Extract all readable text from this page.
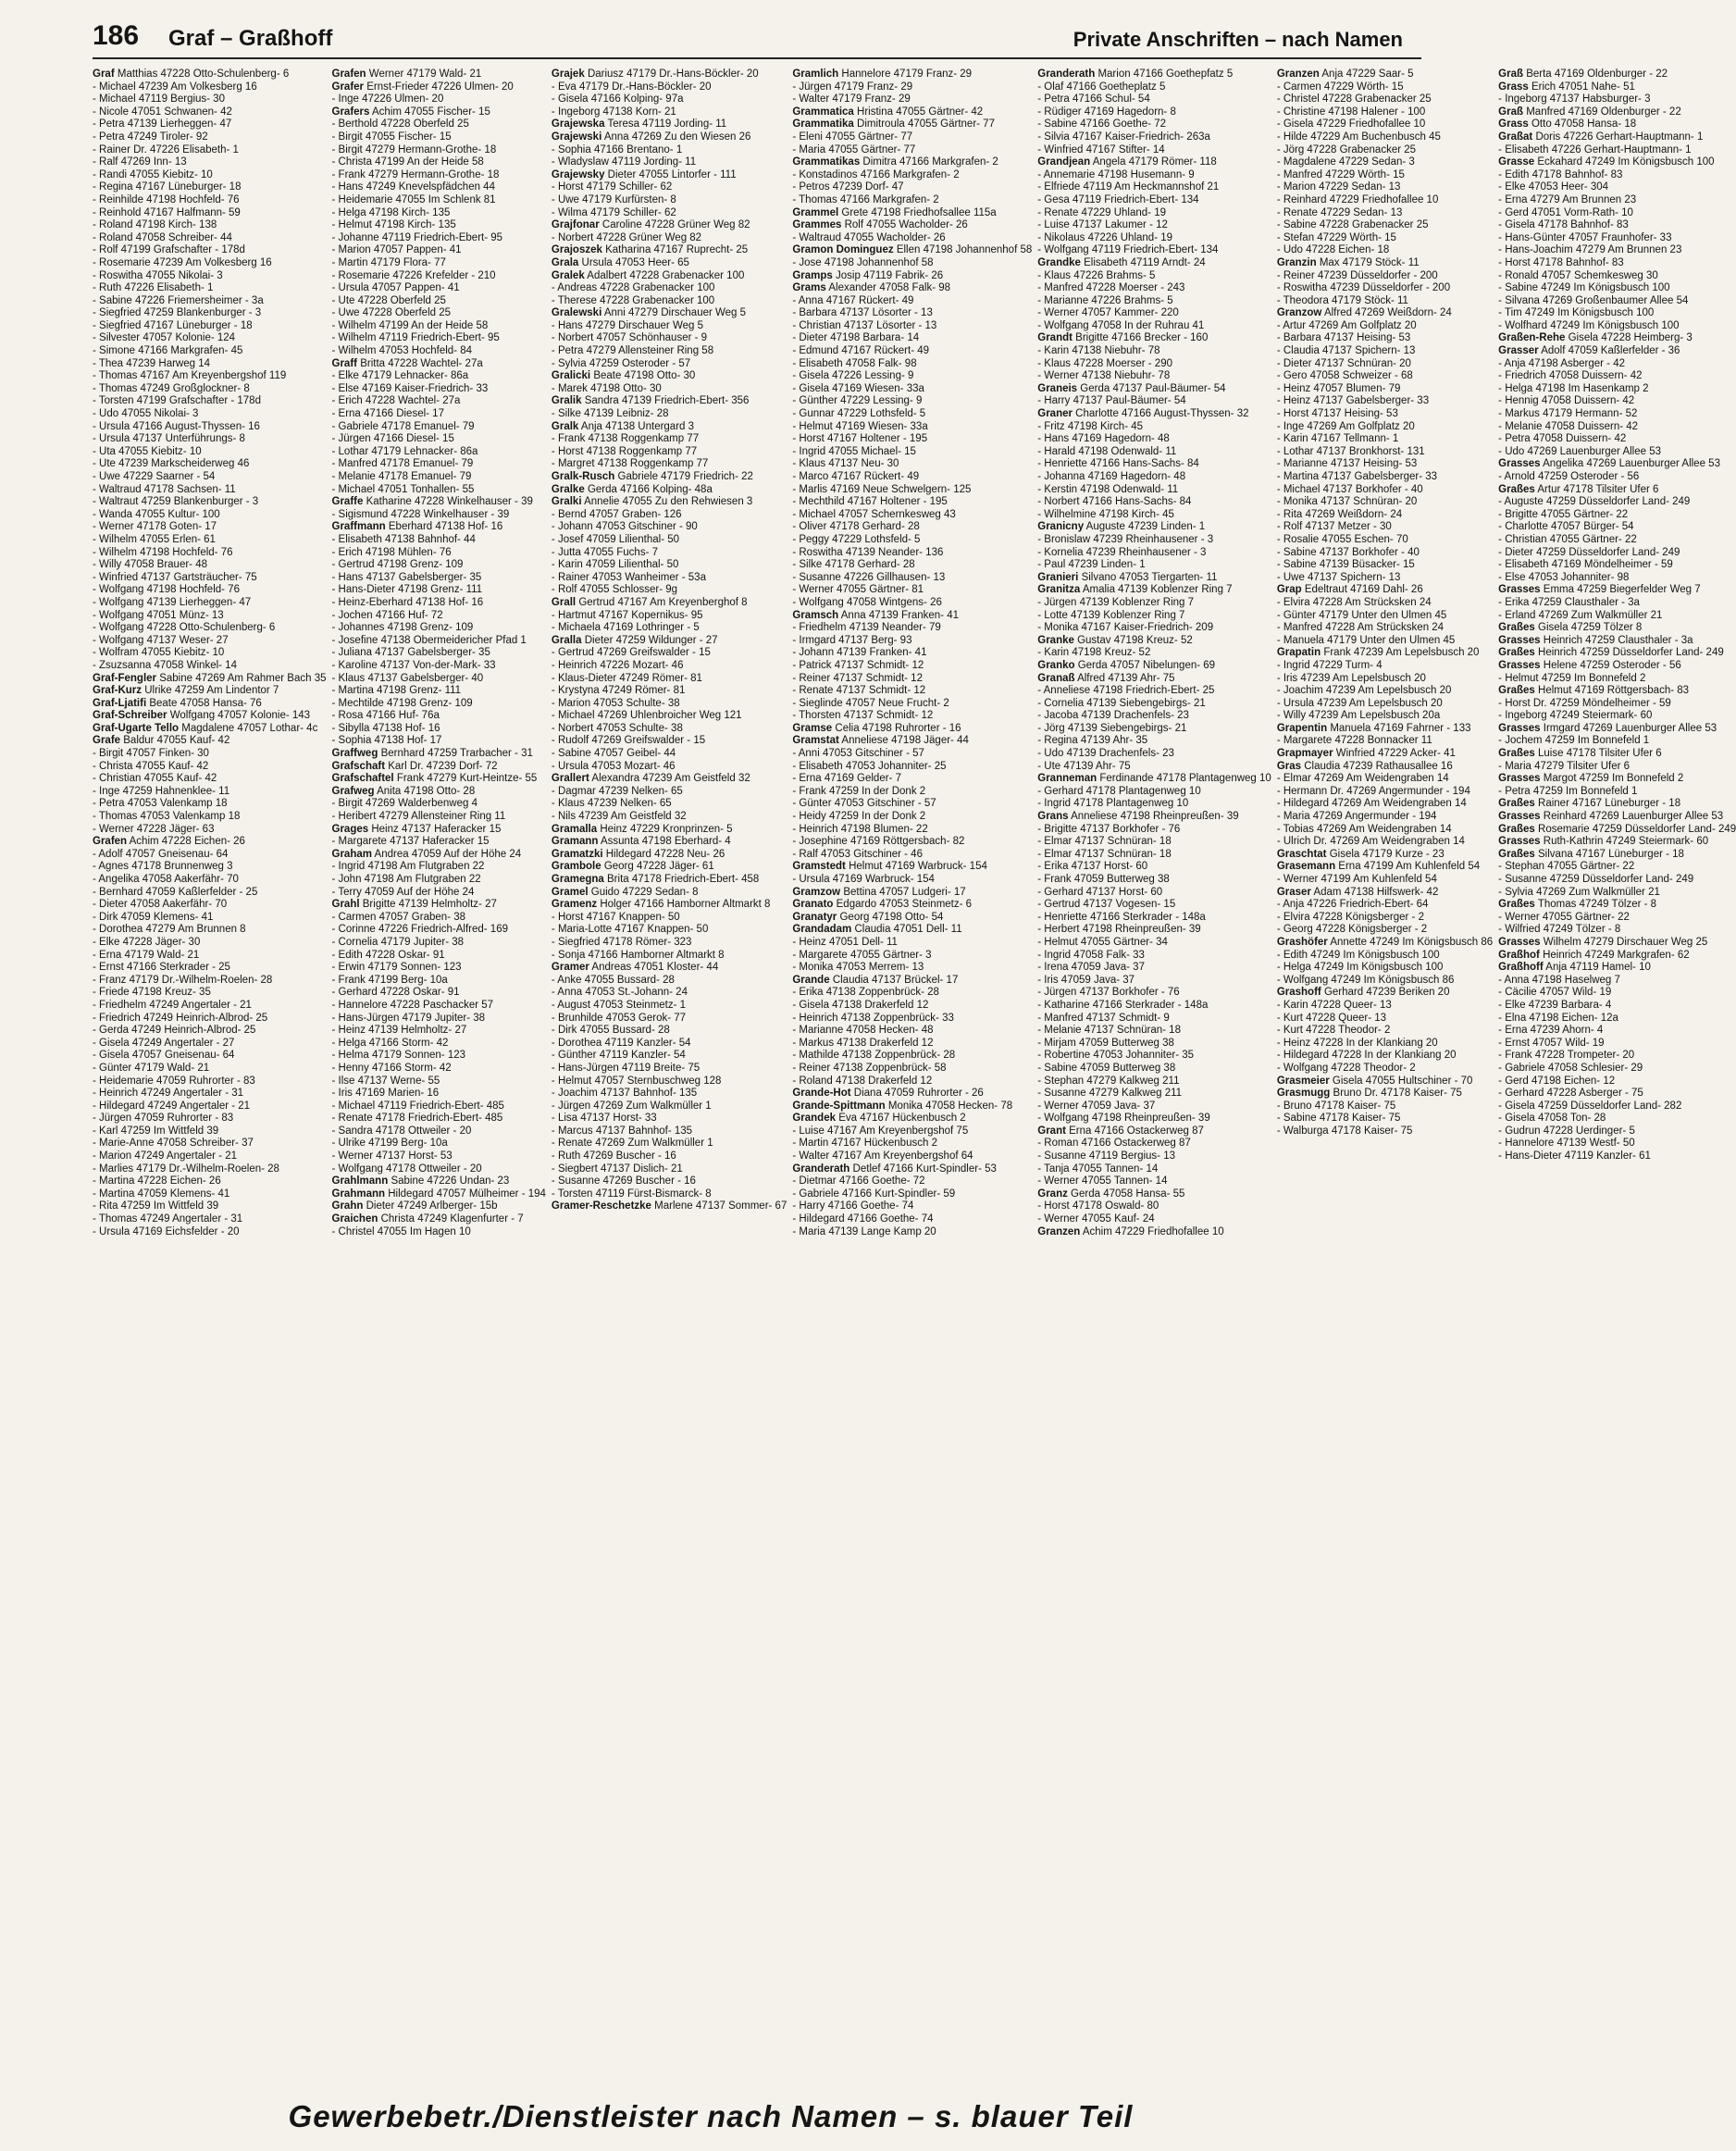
186 Graf – Graßhoff	Private Anschriften – nach Namen
Graf Matthias 47228 Otto-Schulenberg- 6
- Michael 47239 Am Volkesberg 16
- Michael 47119 Bergius- 30
- Nicole 47051 Schwanen- 42
- Petra 47139 Lierheggen- 47
- Petra 47249 Tiroler- 92
- Rainer Dr. 47226 Elisabeth- 1
- Ralf 47269 Inn- 13
- Randi 47055 Kiebitz- 10
- Regina 47167 Lüneburger- 18
- Reinhilde 47198 Hochfeld- 76
- Reinhold 47167 Halfmann- 59
- Roland 47198 Kirch- 138
- Roland 47058 Schreiber- 44
- Rolf 47199 Grafschafter - 178d
- Rosemarie 47239 Am Volkesberg 16
- Roswitha 47055 Nikolai- 3
- Ruth 47226 Elisabeth- 1
- Sabine 47226 Friemersheimer - 3a
- Siegfried 47259 Blankenburger - 3
- Siegfried 47167 Lüneburger - 18
- Silvester 47057 Kolonie- 124
- Simone 47166 Markgrafen- 45
- Thea 47239 Harweg 14
- Thomas 47167 Am Kreyenbergshof 119
- Thomas 47249 Großglockner- 8
- Torsten 47199 Grafschafter - 178d
- Udo 47055 Nikolai- 3
- Ursula 47166 August-Thyssen- 16
- Ursula 47137 Unterführungs- 8
- Uta 47055 Kiebitz- 10
- Ute 47239 Markscheiderweg 46
- Uwe 47229 Saarner - 54
- Waltraud 47178 Sachsen- 11
- Waltraut 47259 Blankenburger - 3
- Wanda 47055 Kultur- 100
- Werner 47178 Goten- 17
- Wilhelm 47055 Erlen- 61
- Wilhelm 47198 Hochfeld- 76
- Willy 47058 Brauer- 48
- Winfried 47137 Gartsträucher- 75
- Wolfgang 47198 Hochfeld- 76
- Wolfgang 47139 Lierheggen- 47
- Wolfgang 47051 Münz- 13
- Wolfgang 47228 Otto-Schulenberg- 6
- Wolfgang 47137 Weser- 27
- Wolfram 47055 Kiebitz- 10
- Zsuzsanna 47058 Winkel- 14
Graf-Fengler Sabine 47269 Am Rahmer Bach 35
Graf-Kurz Ulrike 47259 Am Lindentor 7
Graf-Ljatifi Beate 47058 Hansa- 76
Graf-Schreiber Wolfgang 47057 Kolonie- 143
Graf-Ugarte Tello Magdalene 47057 Lothar- 4c
Grafe Baldur 47055 Kauf- 42
- Birgit 47057 Finken- 30
- Christa 47055 Kauf- 42
- Christian 47055 Kauf- 42
- Inge 47259 Hahnenklee- 11
- Petra 47053 Valenkamp 18
- Thomas 47053 Valenkamp 18
- Werner 47228 Jäger- 63
Grafen Achim 47228 Eichen- 26
- Adolf 47057 Gneisenau- 64
- Agnes 47178 Brunnenweg 3
- Angelika 47058 Aakerfähr- 70
- Bernhard 47059 Kaßlerfelder - 25
- Dieter 47058 Aakerfähr- 70
- Dirk 47059 Klemens- 41
- Dorothea 47279 Am Brunnen 8
- Elke 47228 Jäger- 30
- Erna 47179 Wald- 21
- Ernst 47166 Sterkrader - 25
- Franz 47179 Dr.-Wilhelm-Roelen- 28
- Friede 47198 Kreuz- 35
- Friedhelm 47249 Angertaler - 21
- Friedrich 47249 Heinrich-Albrod- 25
- Gerda 47249 Heinrich-Albrod- 25
- Gisela 47249 Angertaler - 27
- Gisela 47057 Gneisenau- 64
- Günter 47179 Wald- 21
- Heidemarie 47059 Ruhrorter - 83
- Heinrich 47249 Angertaler - 31
- Hildegard 47249 Angertaler - 21
- Jürgen 47059 Ruhrorter - 83
- Karl 47259 Im Wittfeld 39
- Marie-Anne 47058 Schreiber- 37
- Marion 47249 Angertaler - 21
- Marlies 47179 Dr.-Wilhelm-Roelen- 28
- Martina 47228 Eichen- 26
- Martina 47059 Klemens- 41
- Rita 47259 Im Wittfeld 39
- Thomas 47249 Angertaler - 31
- Ursula 47169 Eichsfelder - 20
Grafen Werner 47179 Wald- 21
Grafer Ernst-Frieder 47226 Ulmen- 20
- Inge 47226 Ulmen- 20
Grafers Achim 47055 Fischer- 15
- Berthold 47228 Oberfeld 25
- Birgit 47055 Fischer- 15
- Birgit 47279 Hermann-Grothe- 18
- Christa 47199 An der Heide 58
- Frank 47279 Hermann-Grothe- 18
- Hans 47249 Knevelspfädchen 44
- Heidemarie 47055 Im Schlenk 81
- Helga 47198 Kirch- 135
- Helmut 47198 Kirch- 135
- Johanne 47119 Friedrich-Ebert- 95
- Marion 47057 Pappen- 41
- Martin 47179 Flora- 77
- Rosemarie 47226 Krefelder - 210
- Ursula 47057 Pappen- 41
- Ute 47228 Oberfeld 25
- Uwe 47228 Oberfeld 25
- Wilhelm 47199 An der Heide 58
- Wilhelm 47119 Friedrich-Ebert- 95
- Wilhelm 47053 Hochfeld- 84
Graff Britta 47228 Wachtel- 27a
- Elke 47179 Lehnacker- 86a
- Else 47169 Kaiser-Friedrich- 33
- Erich 47228 Wachtel- 27a
- Erna 47166 Diesel- 17
- Gabriele 47178 Emanuel- 79
- Jürgen 47166 Diesel- 15
- Lothar 47179 Lehnacker- 86a
- Manfred 47178 Emanuel- 79
- Melanie 47178 Emanuel- 79
- Michael 47051 Tonhallen- 55
Graffe Katharine 47228 Winkelhauser - 39
- Sigismund 47228 Winkelhauser - 39
Graffmann Eberhard 47138 Hof- 16
- Elisabeth 47138 Bahnhof- 44
- Erich 47198 Mühlen- 76
- Gertrud 47198 Grenz- 109
- Hans 47137 Gabelsberger- 35
- Hans-Dieter 47198 Grenz- 111
- Heinz-Eberhard 47138 Hof- 16
- Jochen 47166 Huf- 72
- Johannes 47198 Grenz- 109
- Josefine 47138 Obermeidericher Pfad 1
- Juliana 47137 Gabelsberger- 35
- Karoline 47137 Von-der-Mark- 33
- Klaus 47137 Gabelsberger- 40
- Martina 47198 Grenz- 111
- Mechtilde 47198 Grenz- 109
- Rosa 47166 Huf- 76a
- Sibylla 47138 Hof- 16
- Sophia 47138 Hof- 17
Graffweg Bernhard 47259 Trarbacher - 31
Grafschaft Karl Dr. 47239 Dorf- 72
Grafschaftel Frank 47279 Kurt-Heintze- 55
Grafweg Anita 47198 Otto- 28
- Birgit 47269 Walderbenweg 4
- Heribert 47279 Allensteiner Ring 11
Grages Heinz 47137 Haferacker 15
- Margarete 47137 Haferacker 15
Graham Andrea 47059 Auf der Höhe 24
- Ingrid 47198 Am Flutgraben 22
- John 47198 Am Flutgraben 22
- Terry 47059 Auf der Höhe 24
Grahl Brigitte 47139 Helmholtz- 27
- Carmen 47057 Graben- 38
- Corinne 47226 Friedrich-Alfred- 169
- Cornelia 47179 Jupiter- 38
- Edith 47228 Oskar- 91
- Erwin 47179 Sonnen- 123
- Frank 47199 Berg- 10a
- Gerhard 47228 Oskar- 91
- Hannelore 47228 Paschacker 57
- Hans-Jürgen 47179 Jupiter- 38
- Heinz 47139 Helmholtz- 27
- Helga 47166 Storm- 42
- Helma 47179 Sonnen- 123
- Henny 47166 Storm- 42
- Ilse 47137 Werne- 55
- Iris 47169 Marien- 16
- Michael 47119 Friedrich-Ebert- 485
- Renate 47178 Friedrich-Ebert- 485
- Sandra 47178 Ottweiler - 20
- Ulrike 47199 Berg- 10a
- Werner 47137 Horst- 53
- Wolfgang 47178 Ottweiler - 20
Grahlmann Sabine 47226 Undan- 23
Grahmann Hildegard 47057 Mülheimer - 194
Grahn Dieter 47249 Arlberger- 15b
Graichen Christa 47249 Klagenfurter - 7
- Christel 47055 Im Hagen 10
Grajek Dariusz 47179 Dr.-Hans-Böckler- 20
- Eva 47179 Dr.-Hans-Böckler- 20
- Gisela 47166 Kolping- 97a
- Ingeborg 47138 Korn- 21
Grajewska Teresa 47119 Jording- 11
Grajewski Anna 47269 Zu den Wiesen 26
- Sophia 47166 Brentano- 1
- Wladyslaw 47119 Jording- 11
Grajewsky Dieter 47055 Lintorfer - 111
- Horst 47179 Schiller- 62
- Uwe 47179 Kurfürsten- 8
- Wilma 47179 Schiller- 62
Grajfonar Caroline 47228 Grüner Weg 82
- Norbert 47228 Grüner Weg 82
Grajoszek Katharina 47167 Ruprecht- 25
Grala Ursula 47053 Heer- 65
Gralek Adalbert 47228 Grabenacker 100
- Andreas 47228 Grabenacker 100
- Therese 47228 Grabenacker 100
Gralewski Anni 47279 Dirschauer Weg 5
- Hans 47279 Dirschauer Weg 5
- Norbert 47057 Schönhauser - 9
- Petra 47279 Allensteiner Ring 58
- Sylvia 47259 Osteroder - 57
Gralicki Beate 47198 Otto- 30
- Marek 47198 Otto- 30
Gralik Sandra 47139 Friedrich-Ebert- 356
- Silke 47139 Leibniz- 28
Gralk Anja 47138 Untergard 3
- Frank 47138 Roggenkamp 77
- Horst 47138 Roggenkamp 77
- Margret 47138 Roggenkamp 77
Gralk-Rusch Gabriele 47179 Friedrich- 22
Gralke Gerda 47166 Kolping- 48a
Gralki Annelie 47055 Zu den Rehwiesen 3
- Bernd 47057 Graben- 126
- Johann 47053 Gitschiner - 90
- Josef 47059 Lilienthal- 50
- Jutta 47055 Fuchs- 7
- Karin 47059 Lilienthal- 50
- Rainer 47053 Wanheimer - 53a
- Rolf 47055 Schlosser- 9g
Grall Gertrud 47167 Am Kreyenberghof 8
- Hartmut 47167 Kopernikus- 95
- Michaela 47169 Lothringer - 5
Gralla Dieter 47259 Wildunger - 27
- Gertrud 47269 Greifswalder - 15
- Heinrich 47226 Mozart- 46
- Klaus-Dieter 47249 Römer- 81
- Krystyna 47249 Römer- 81
- Marion 47053 Schulte- 38
- Michael 47269 Uhlenbroicher Weg 121
- Norbert 47053 Schulte- 38
- Rudolf 47269 Greifswalder - 15
- Sabine 47057 Geibel- 44
- Ursula 47053 Mozart- 46
Grallert Alexandra 47239 Am Geistfeld 32
- Dagmar 47239 Nelken- 65
- Klaus 47239 Nelken- 65
- Nils 47239 Am Geistfeld 32
Gramalla Heinz 47229 Kronprinzen- 5
Gramann Assunta 47198 Eberhard- 4
Gramatzki Hildegard 47228 Neu- 26
Grambole Georg 47228 Jäger- 61
Gramegna Brita 47178 Friedrich-Ebert- 458
Gramel Guido 47229 Sedan- 8
Gramenz Holger 47166 Hamborner Altmarkt 8
- Horst 47167 Knappen- 50
- Maria-Lotte 47167 Knappen- 50
- Siegfried 47178 Römer- 323
- Sonja 47166 Hamborner Altmarkt 8
Gramer Andreas 47051 Kloster- 44
- Anke 47055 Bussard- 28
- Anna 47053 St.-Johann- 24
- August 47053 Steinmetz- 1
- Brunhilde 47053 Gerok- 77
- Dirk 47055 Bussard- 28
- Dorothea 47119 Kanzler- 54
- Günther 47119 Kanzler- 54
- Hans-Jürgen 47119 Breite- 75
- Helmut 47057 Sternbuschweg 128
- Joachim 47137 Bahnhof- 135
- Jürgen 47269 Zum Walkmüller 1
- Lisa 47137 Horst- 33
- Marcus 47137 Bahnhof- 135
- Renate 47269 Zum Walkmüller 1
- Ruth 47269 Buscher - 16
- Siegbert 47137 Dislich- 21
- Susanne 47269 Buscher - 16
- Torsten 47119 Fürst-Bismarck- 8
Gramer-Reschetzke Marlene 47137 Sommer- 67
Gramlich Hannelore 47179 Franz- 29
- Jürgen 47179 Franz- 29
- Walter 47179 Franz- 29
Grammatica Hristina 47055 Gärtner- 42
Grammatika Dimitroula 47055 Gärtner- 77
- Eleni 47055 Gärtner- 77
- Maria 47055 Gärtner- 77
Grammatikas Dimitra 47166 Markgrafen- 2
- Konstadinos 47166 Markgrafen- 2
- Petros 47239 Dorf- 47
- Thomas 47166 Markgrafen- 2
Grammel Grete 47198 Friedhofsallee 115a
Grammes Rolf 47055 Wacholder- 26
- Waltraud 47055 Wacholder- 26
Gramon Dominguez Ellen 47198 Johannenhof 58
- Jose 47198 Johannenhof 58
Gramps Josip 47119 Fabrik- 26
Grams Alexander 47058 Falk- 98
- Anna 47167 Rückert- 49
- Barbara 47137 Lösorter - 13
- Christian 47137 Lösorter - 13
- Dieter 47198 Barbara- 14
- Edmund 47167 Rückert- 49
- Elisabeth 47058 Falk- 98
- Gisela 47226 Lessing- 9
- Gisela 47169 Wiesen- 33a
- Günther 47229 Lessing- 9
- Gunnar 47229 Lothsfeld- 5
- Helmut 47169 Wiesen- 33a
- Horst 47167 Holtener - 195
- Ingrid 47055 Michael- 15
- Klaus 47137 Neu- 30
- Marco 47167 Rückert- 49
- Marlis 47169 Neue Schwelgern- 125
- Mechthild 47167 Holtener - 195
- Michael 47057 Schernkesweg 43
- Oliver 47178 Gerhard- 28
- Peggy 47229 Lothsfeld- 5
- Roswitha 47139 Neander- 136
- Silke 47178 Gerhard- 28
- Susanne 47226 Gillhausen- 13
- Werner 47055 Gärtner- 81
- Wolfgang 47058 Wintgens- 26
Gramsch Anna 47139 Franken- 41
- Friedhelm 47139 Neander- 79
- Irmgard 47137 Berg- 93
- Johann 47139 Franken- 41
- Patrick 47137 Schmidt- 12
- Reiner 47137 Schmidt- 12
- Renate 47137 Schmidt- 12
- Sieglinde 47057 Neue Frucht- 2
- Thorsten 47137 Schmidt- 12
Gramse Celia 47198 Ruhrorter - 16
Gramstat Anneliese 47198 Jäger- 44
- Anni 47053 Gitschiner - 57
- Elisabeth 47053 Johanniter- 25
- Erna 47169 Gelder- 7
- Frank 47259 In der Donk 2
- Günter 47053 Gitschiner - 57
- Heidy 47259 In der Donk 2
- Heinrich 47198 Blumen- 22
- Josephine 47169 Röttgersbach- 82
- Ralf 47053 Gitschiner - 46
Gramstedt Helmut 47169 Warbruck- 154
- Ursula 47169 Warbruck- 154
Gramzow Bettina 47057 Ludgeri- 17
Granato Edgardo 47053 Steinmetz- 6
Granatyr Georg 47198 Otto- 54
Grandadam Claudia 47051 Dell- 11
- Heinz 47051 Dell- 11
- Margarete 47055 Gärtner- 3
- Monika 47053 Merrem- 13
Grande Claudia 47137 Brückel- 17
- Erika 47138 Zoppenbrück- 28
- Gisela 47138 Drakerfeld 12
- Heinrich 47138 Zoppenbrück- 33
- Marianne 47058 Hecken- 48
- Markus 47138 Drakerfeld 12
- Mathilde 47138 Zoppenbrück- 28
- Reiner 47138 Zoppenbrück- 58
- Roland 47138 Drakerfeld 12
Grande-Hot Diana 47059 Ruhrorter - 26
Grande-Spittmann Monika 47058 Hecken- 78
Grandek Eva 47167 Hückenbusch 2
- Luise 47167 Am Kreyenbergshof 75
- Martin 47167 Hückenbusch 2
- Walter 47167 Am Kreyenbergshof 64
Granderath Detlef 47166 Kurt-Spindler- 53
- Dietmar 47166 Goethe- 72
- Gabriele 47166 Kurt-Spindler- 59
- Harry 47166 Goethe- 74
- Hildegard 47166 Goethe- 74
- Maria 47139 Lange Kamp 20
Granderath Marion 47166 Goethepfatz 5
- Olaf 47166 Goetheplatz 5
- Petra 47166 Schul- 54
- Rüdiger 47169 Hagedorn- 8
- Sabine 47166 Goethe- 72
- Silvia 47167 Kaiser-Friedrich- 263a
- Winfried 47167 Stifter- 14
Grandjean Angela 47179 Römer- 118
- Annemarie 47198 Husemann- 9
- Elfriede 47119 Am Heckmannshof 21
- Gesa 47119 Friedrich-Ebert- 134
- Renate 47229 Uhland- 19
- Luise 47137 Lakumer - 12
- Nikolaus 47226 Uhland- 19
- Wolfgang 47119 Friedrich-Ebert- 134
Grandke Elisabeth 47119 Arndt- 24
- Klaus 47226 Brahms- 5
- Manfred 47228 Moerser - 243
- Marianne 47226 Brahms- 5
- Werner 47057 Kammer- 220
- Wolfgang 47058 In der Ruhrau 41
Grandt Brigitte 47166 Brecker - 160
- Karin 47138 Niebuhr- 78
- Klaus 47228 Moerser - 290
- Werner 47138 Niebuhr- 78
Graneis Gerda 47137 Paul-Bäumer- 54
- Harry 47137 Paul-Bäumer- 54
Graner Charlotte 47166 August-Thyssen- 32
- Fritz 47198 Kirch- 45
- Hans 47169 Hagedorn- 48
- Harald 47198 Odenwald- 11
- Henriette 47166 Hans-Sachs- 84
- Johanna 47169 Hagedorn- 48
- Kerstin 47198 Odenwald- 11
- Norbert 47166 Hans-Sachs- 84
- Wilhelmine 47198 Kirch- 45
Granicny Auguste 47239 Linden- 1
- Bronislaw 47239 Rheinhausener - 3
- Kornelia 47239 Rheinhausener - 3
- Paul 47239 Linden- 1
Granieri Silvano 47053 Tiergarten- 11
Granitza Amalia 47139 Koblenzer Ring 7
- Jürgen 47139 Koblenzer Ring 7
- Lotte 47139 Koblenzer Ring 7
- Monika 47167 Kaiser-Friedrich- 209
Granke Gustav 47198 Kreuz- 52
- Karin 47198 Kreuz- 52
Granko Gerda 47057 Nibelungen- 69
Granaß Alfred 47139 Ahr- 75
- Anneliese 47198 Friedrich-Ebert- 25
- Cornelia 47139 Siebengebirgs- 21
- Jacoba 47139 Drachenfels- 23
- Jörg 47139 Siebengebirgs- 21
- Regina 47139 Ahr- 35
- Udo 47139 Drachenfels- 23
- Ute 47139 Ahr- 75
Granneman Ferdinande 47178 Plantagenweg 10
- Gerhard 47178 Plantagenweg 10
- Ingrid 47178 Plantagenweg 10
Grans Anneliese 47198 Rheinpreußen- 39
- Brigitte 47137 Borkhofer - 76
- Elmar 47137 Schnüran- 18
- Elmar 47137 Schnüran- 18
- Erika 47137 Horst- 60
- Frank 47059 Butterweg 38
- Gerhard 47137 Horst- 60
- Gertrud 47137 Vogesen- 15
- Henriette 47166 Sterkrader - 148a
- Herbert 47198 Rheinpreußen- 39
- Helmut 47055 Gärtner- 34
- Ingrid 47058 Falk- 33
- Irena 47059 Java- 37
- Iris 47059 Java- 37
- Jürgen 47137 Borkhofer - 76
- Katharine 47166 Sterkrader - 148a
- Manfred 47137 Schmidt- 9
- Melanie 47137 Schnüran- 18
- Mirjam 47059 Butterweg 38
- Robertine 47053 Johanniter- 35
- Sabine 47059 Butterweg 38
- Stephan 47279 Kalkweg 211
- Susanne 47279 Kalkweg 211
- Werner 47059 Java- 37
- Wolfgang 47198 Rheinpreußen- 39
Grant Erna 47166 Ostackerweg 87
- Roman 47166 Ostackerweg 87
- Susanne 47119 Bergius- 13
- Tanja 47055 Tannen- 14
- Werner 47055 Tannen- 14
Granz Gerda 47058 Hansa- 55
- Horst 47178 Oswald- 80
- Werner 47055 Kauf- 24
Granzen Achim 47229 Friedhofallee 10
Granzen Anja 47229 Saar- 5
- Carmen 47229 Wörth- 15
- Christel 47228 Grabenacker 25
- Christine 47198 Halener - 100
- Gisela 47229 Friedhofallee 10
- Hilde 47229 Am Buchenbusch 45
- Jörg 47228 Grabenacker 25
- Magdalene 47229 Sedan- 3
- Manfred 47229 Wörth- 15
- Marion 47229 Sedan- 13
- Reinhard 47229 Friedhofallee 10
- Renate 47229 Sedan- 13
- Sabine 47228 Grabenacker 25
- Stefan 47229 Wörth- 15
- Udo 47228 Eichen- 18
Granzin Max 47179 Stöck- 11
- Reiner 47239 Düsseldorfer - 200
- Roswitha 47239 Düsseldorfer - 200
- Theodora 47179 Stöck- 11
Granzow Alfred 47269 Weißdorn- 24
- Artur 47269 Am Golfplatz 20
- Barbara 47137 Heising- 53
- Claudia 47137 Spichern- 13
- Dieter 47137 Schnüran- 20
- Gero 47058 Schweizer - 68
- Heinz 47057 Blumen- 79
- Heinz 47137 Gabelsberger- 33
- Horst 47137 Heising- 53
- Inge 47269 Am Golfplatz 20
- Karin 47167 Tellmann- 1
- Lothar 47137 Bronkhorst- 131
- Marianne 47137 Heising- 53
- Martina 47137 Gabelsberger- 33
- Michael 47137 Borkhofer - 40
- Monika 47137 Schnüran- 20
- Rita 47269 Weißdorn- 24
- Rolf 47137 Metzer - 30
- Rosalie 47055 Eschen- 70
- Sabine 47137 Borkhofer - 40
- Sabine 47139 Büsacker- 15
- Uwe 47137 Spichern- 13
Grap Edeltraut 47169 Dahl- 26
- Elvira 47228 Am Strücksken 24
- Günter 47179 Unter den Ulmen 45
- Manfred 47228 Am Strücksken 24
- Manuela 47179 Unter den Ulmen 45
Grapatin Frank 47239 Am Lepelsbusch 20
- Ingrid 47229 Turm- 4
- Iris 47239 Am Lepelsbusch 20
- Joachim 47239 Am Lepelsbusch 20
- Ursula 47239 Am Lepelsbusch 20
- Willy 47239 Am Lepelsbusch 20a
Grapentin Manuela 47169 Fahrner - 133
- Margarete 47228 Bonnacker 11
Grapmayer Winfried 47229 Acker- 41
Gras Claudia 47239 Rathausallee 16
- Elmar 47269 Am Weidengraben 14
- Hermann Dr. 47269 Angermunder - 194
- Hildegard 47269 Am Weidengraben 14
- Maria 47269 Angermunder - 194
- Tobias 47269 Am Weidengraben 14
- Ulrich Dr. 47269 Am Weidengraben 14
Graschtat Gisela 47179 Kurze - 23
Grasemann Erna 47199 Am Kuhlenfeld 54
- Werner 47199 Am Kuhlenfeld 54
Graser Adam 47138 Hilfswerk- 42
- Anja 47226 Friedrich-Ebert- 64
- Elvira 47228 Königsberger - 2
- Georg 47228 Königsberger - 2
Grashöfer Annette 47249 Im Königsbusch 86
- Edith 47249 Im Königsbusch 100
- Helga 47249 Im Königsbusch 100
- Wolfgang 47249 Im Königsbusch 86
Grashoff Gerhard 47239 Beriken 20
- Karin 47228 Queer- 13
- Kurt 47228 Queer- 13
- Kurt 47228 Theodor- 2
- Heinz 47228 In der Klankiang 20
- Hildegard 47228 In der Klankiang 20
- Wolfgang 47228 Theodor- 2
Grasmeier Gisela 47055 Hultschiner - 70
Grasmugg Bruno Dr. 47178 Kaiser- 75
- Bruno 47178 Kaiser- 75
- Sabine 47178 Kaiser- 75
- Walburga 47178 Kaiser- 75
Graß Berta 47169 Oldenburger - 22
Grass Erich 47051 Nahe- 51
- Ingeborg 47137 Habsburger- 3
Graß Manfred 47169 Oldenburger - 22
Grass Otto 47058 Hansa- 18
Graßat Doris 47226 Gerhart-Hauptmann- 1
- Elisabeth 47226 Gerhart-Hauptmann- 1
Grasse Eckahard 47249 Im Königsbusch 100
- Edith 47178 Bahnhof- 83
- Elke 47053 Heer- 304
- Erna 47279 Am Brunnen 23
- Gerd 47051 Vorm-Rath- 10
- Gisela 47178 Bahnhof- 83
- Hans-Günter 47057 Fraunhofer- 33
- Hans-Joachim 47279 Am Brunnen 23
- Horst 47178 Bahnhof- 83
- Ronald 47057 Schemkesweg 30
- Sabine 47249 Im Königsbusch 100
- Silvana 47269 Großenbaumer Allee 54
- Tim 47249 Im Königsbusch 100
- Wolfhard 47249 Im Königsbusch 100
Graßen-Rehe Gisela 47228 Heimberg- 3
Grasser Adolf 47059 Kaßlerfelder - 36
- Anja 47198 Asberger - 42
- Friedrich 47058 Duissern- 42
- Helga 47198 Im Hasenkamp 2
- Hennig 47058 Duissern- 42
- Markus 47179 Hermann- 52
- Melanie 47058 Duissern- 42
- Petra 47058 Duissern- 42
- Udo 47269 Lauenburger Allee 53
Grasses Angelika 47269 Lauenburger Allee 53
- Arnold 47259 Osteroder - 56
Graßes Artur 47178 Tilsiter Ufer 6
- Auguste 47259 Düsseldorfer Land- 249
- Brigitte 47055 Gärtner- 22
- Charlotte 47057 Bürger- 54
- Christian 47055 Gärtner- 22
- Dieter 47259 Düsseldorfer Land- 249
- Elisabeth 47169 Möndelheimer - 59
- Else 47053 Johanniter- 98
Grasses Emma 47259 Biegerfelder Weg 7
- Erika 47259 Clausthaler - 3a
- Erland 47269 Zum Walkmüller 21
Graßes Gisela 47259 Tölzer 8
Grasses Heinrich 47259 Clausthaler - 3a
Graßes Heinrich 47259 Düsseldorfer Land- 249
Grasses Helene 47259 Osteroder - 56
- Helmut 47259 Im Bonnefeld 2
Graßes Helmut 47169 Röttgersbach- 83
- Horst Dr. 47259 Möndelheimer - 59
- Ingeborg 47249 Steiermark- 60
Grasses Irmgard 47269 Lauenburger Allee 53
- Jochem 47259 Im Bonnefeld 1
Graßes Luise 47178 Tilsiter Ufer 6
- Maria 47279 Tilsiter Ufer 6
Grasses Margot 47259 Im Bonnefeld 2
- Petra 47259 Im Bonnefeld 1
Graßes Rainer 47167 Lüneburger - 18
Grasses Reinhard 47269 Lauenburger Allee 53
Graßes Rosemarie 47259 Düsseldorfer Land- 249
Grasses Ruth-Kathrin 47249 Steiermark- 60
Graßes Silvana 47167 Lüneburger - 18
- Stephan 47055 Gärtner- 22
- Susanne 47259 Düsseldorfer Land- 249
- Sylvia 47269 Zum Walkmüller 21
Graßes Thomas 47249 Tölzer - 8
- Werner 47055 Gärtner- 22
- Wilfried 47249 Tölzer - 8
Grasses Wilhelm 47279 Dirschauer Weg 25
Graßhof Heinrich 47249 Markgrafen- 62
Graßhoff Anja 47119 Hamel- 10
- Anna 47198 Haselweg 7
- Cäcilie 47057 Wild- 19
- Elke 47239 Barbara- 4
- Elna 47198 Eichen- 12a
- Erna 47239 Ahorn- 4
- Ernst 47057 Wild- 19
- Frank 47228 Trompeter- 20
- Gabriele 47058 Schlesier- 29
- Gerd 47198 Eichen- 12
- Gerhard 47228 Asberger - 75
- Gisela 47259 Düsseldorfer Land- 282
- Gisela 47058 Ton- 28
- Gudrun 47228 Uerdinger- 5
- Hannelore 47139 Westf- 50
- Hans-Dieter 47119 Kanzler- 61
Gewerbebetr./Dienstleister nach Namen – s. blauer Teil
